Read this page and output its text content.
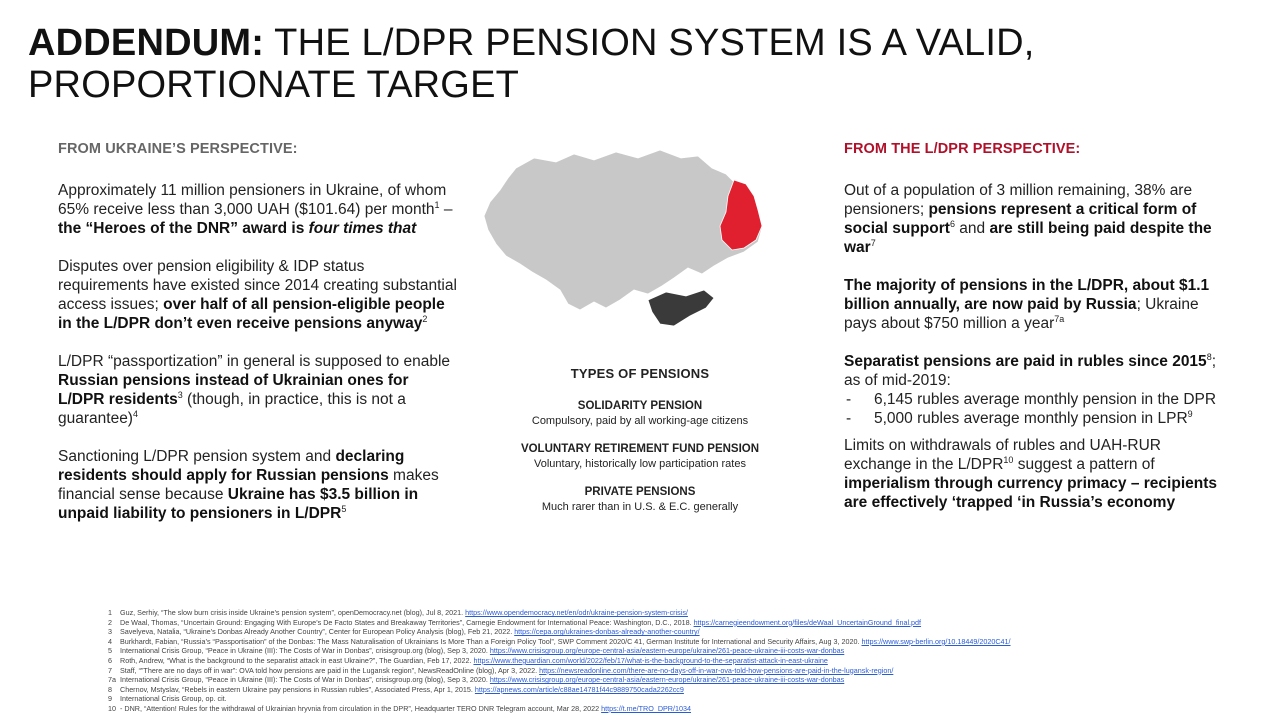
ADDENDUM: THE L/DPR PENSION SYSTEM IS A VALID, PROPORTIONATE TARGET
FROM UKRAINE’S PERSPECTIVE:
Approximately 11 million pensioners in Ukraine, of whom 65% receive less than 3,000 UAH ($101.64) per month$^1$ – the “Heroes of the DNR” award is four times that
Disputes over pension eligibility & IDP status requirements have existed since 2014 creating substantial access issues; over half of all pension-eligible people in the L/DPR don’t even receive pensions anyway$^2$
L/DPR “passportization” in general is supposed to enable Russian pensions instead of Ukrainian ones for L/DPR residents$^3$ (though, in practice, this is not a guarantee)$^4$
Sanctioning L/DPR pension system and declaring residents should apply for Russian pensions makes financial sense because Ukraine has $3.5 billion in unpaid liability to pensioners in L/DPR$^5$
TYPES OF PENSIONS
SOLIDARITY PENSION
Compulsory, paid by all working-age citizens
VOLUNTARY RETIREMENT FUND PENSION
Voluntary, historically low participation rates
PRIVATE PENSIONS
Much rarer than in U.S. & E.C. generally
FROM THE L/DPR PERSPECTIVE:
Out of a population of 3 million remaining, 38% are pensioners; pensions represent a critical form of social support$^6$ and are still being paid despite the war$^7$
The majority of pensions in the L/DPR, about $1.1 billion annually, are now paid by Russia; Ukraine pays about $750 million a year$^{7a}$
Separatist pensions are paid in rubles since 2015$^8$; as of mid-2019:
- 6,145 rubles average monthly pension in the DPR
- 5,000 rubles average monthly pension in LPR$^9$
Limits on withdrawals of rubles and UAH-RUR exchange in the L/DPR$^{10}$ suggest a pattern of imperialism through currency primacy – recipients are effectively ‘trapped ‘in Russia’s economy
1 Guz, Serhiy, “The slow burn crisis inside Ukraine’s pension system”, openDemocracy.net (blog), Jul 8, 2021. https://www.opendemocracy.net/en/odr/ukraine-pension-system-crisis/
2 De Waal, Thomas, “Uncertain Ground: Engaging With Europe’s De Facto States and Breakaway Territories”, Carnegie Endowment for International Peace: Washington, D.C., 2018. https://carnegieendowment.org/files/deWaal_UncertainGround_final.pdf
3 Savelyeva, Natalia, “Ukraine’s Donbas Already Another Country”, Center for European Policy Analysis (blog), Feb 21, 2022. https://cepa.org/ukraines-donbas-already-another-country/
4 Burkhardt, Fabian, “Russia’s “Passportisation” of the Donbas: The Mass Naturalisation of Ukrainians Is More Than a Foreign Policy Tool”, SWP Comment 2020/C 41, German Institute for International and Security Affairs, Aug 3, 2020. https://www.swp-berlin.org/10.18449/2020C41/
5 International Crisis Group, “Peace in Ukraine (III): The Costs of War in Donbas”, crisisgroup.org (blog), Sep 3, 2020. https://www.crisisgroup.org/europe-central-asia/eastern-europe/ukraine/261-peace-ukraine-iii-costs-war-donbas
6 Roth, Andrew, “What is the background to the separatist attack in east Ukraine?”, The Guardian, Feb 17, 2022. https://www.theguardian.com/world/2022/feb/17/what-is-the-background-to-the-separatist-attack-in-east-ukraine
7 Staff, “”There are no days off in war”: OVA told how pensions are paid in the Lugansk region”, NewsReadOnline (blog), Apr 3, 2022. https://newsreadonline.com/there-are-no-days-off-in-war-ova-told-how-pensions-are-paid-in-the-lugansk-region/
7a International Crisis Group, “Peace in Ukraine (III): The Costs of War in Donbas”, crisisgroup.org (blog), Sep 3, 2020. https://www.crisisgroup.org/europe-central-asia/eastern-europe/ukraine/261-peace-ukraine-iii-costs-war-donbas
8 Chernov, Mstyslav, “Rebels in eastern Ukraine pay pensions in Russian rubles”, Associated Press, Apr 1, 2015. https://apnews.com/article/c88ae14781f44c9889750cada2262cc9
9 International Crisis Group, op. cit.
10 - DNR, “Attention! Rules for the withdrawal of Ukrainian hryvnia from circulation in the DPR”, Headquarter TERO DNR Telegram account, Mar 28, 2022 https://t.me/TRO_DPR/1034
